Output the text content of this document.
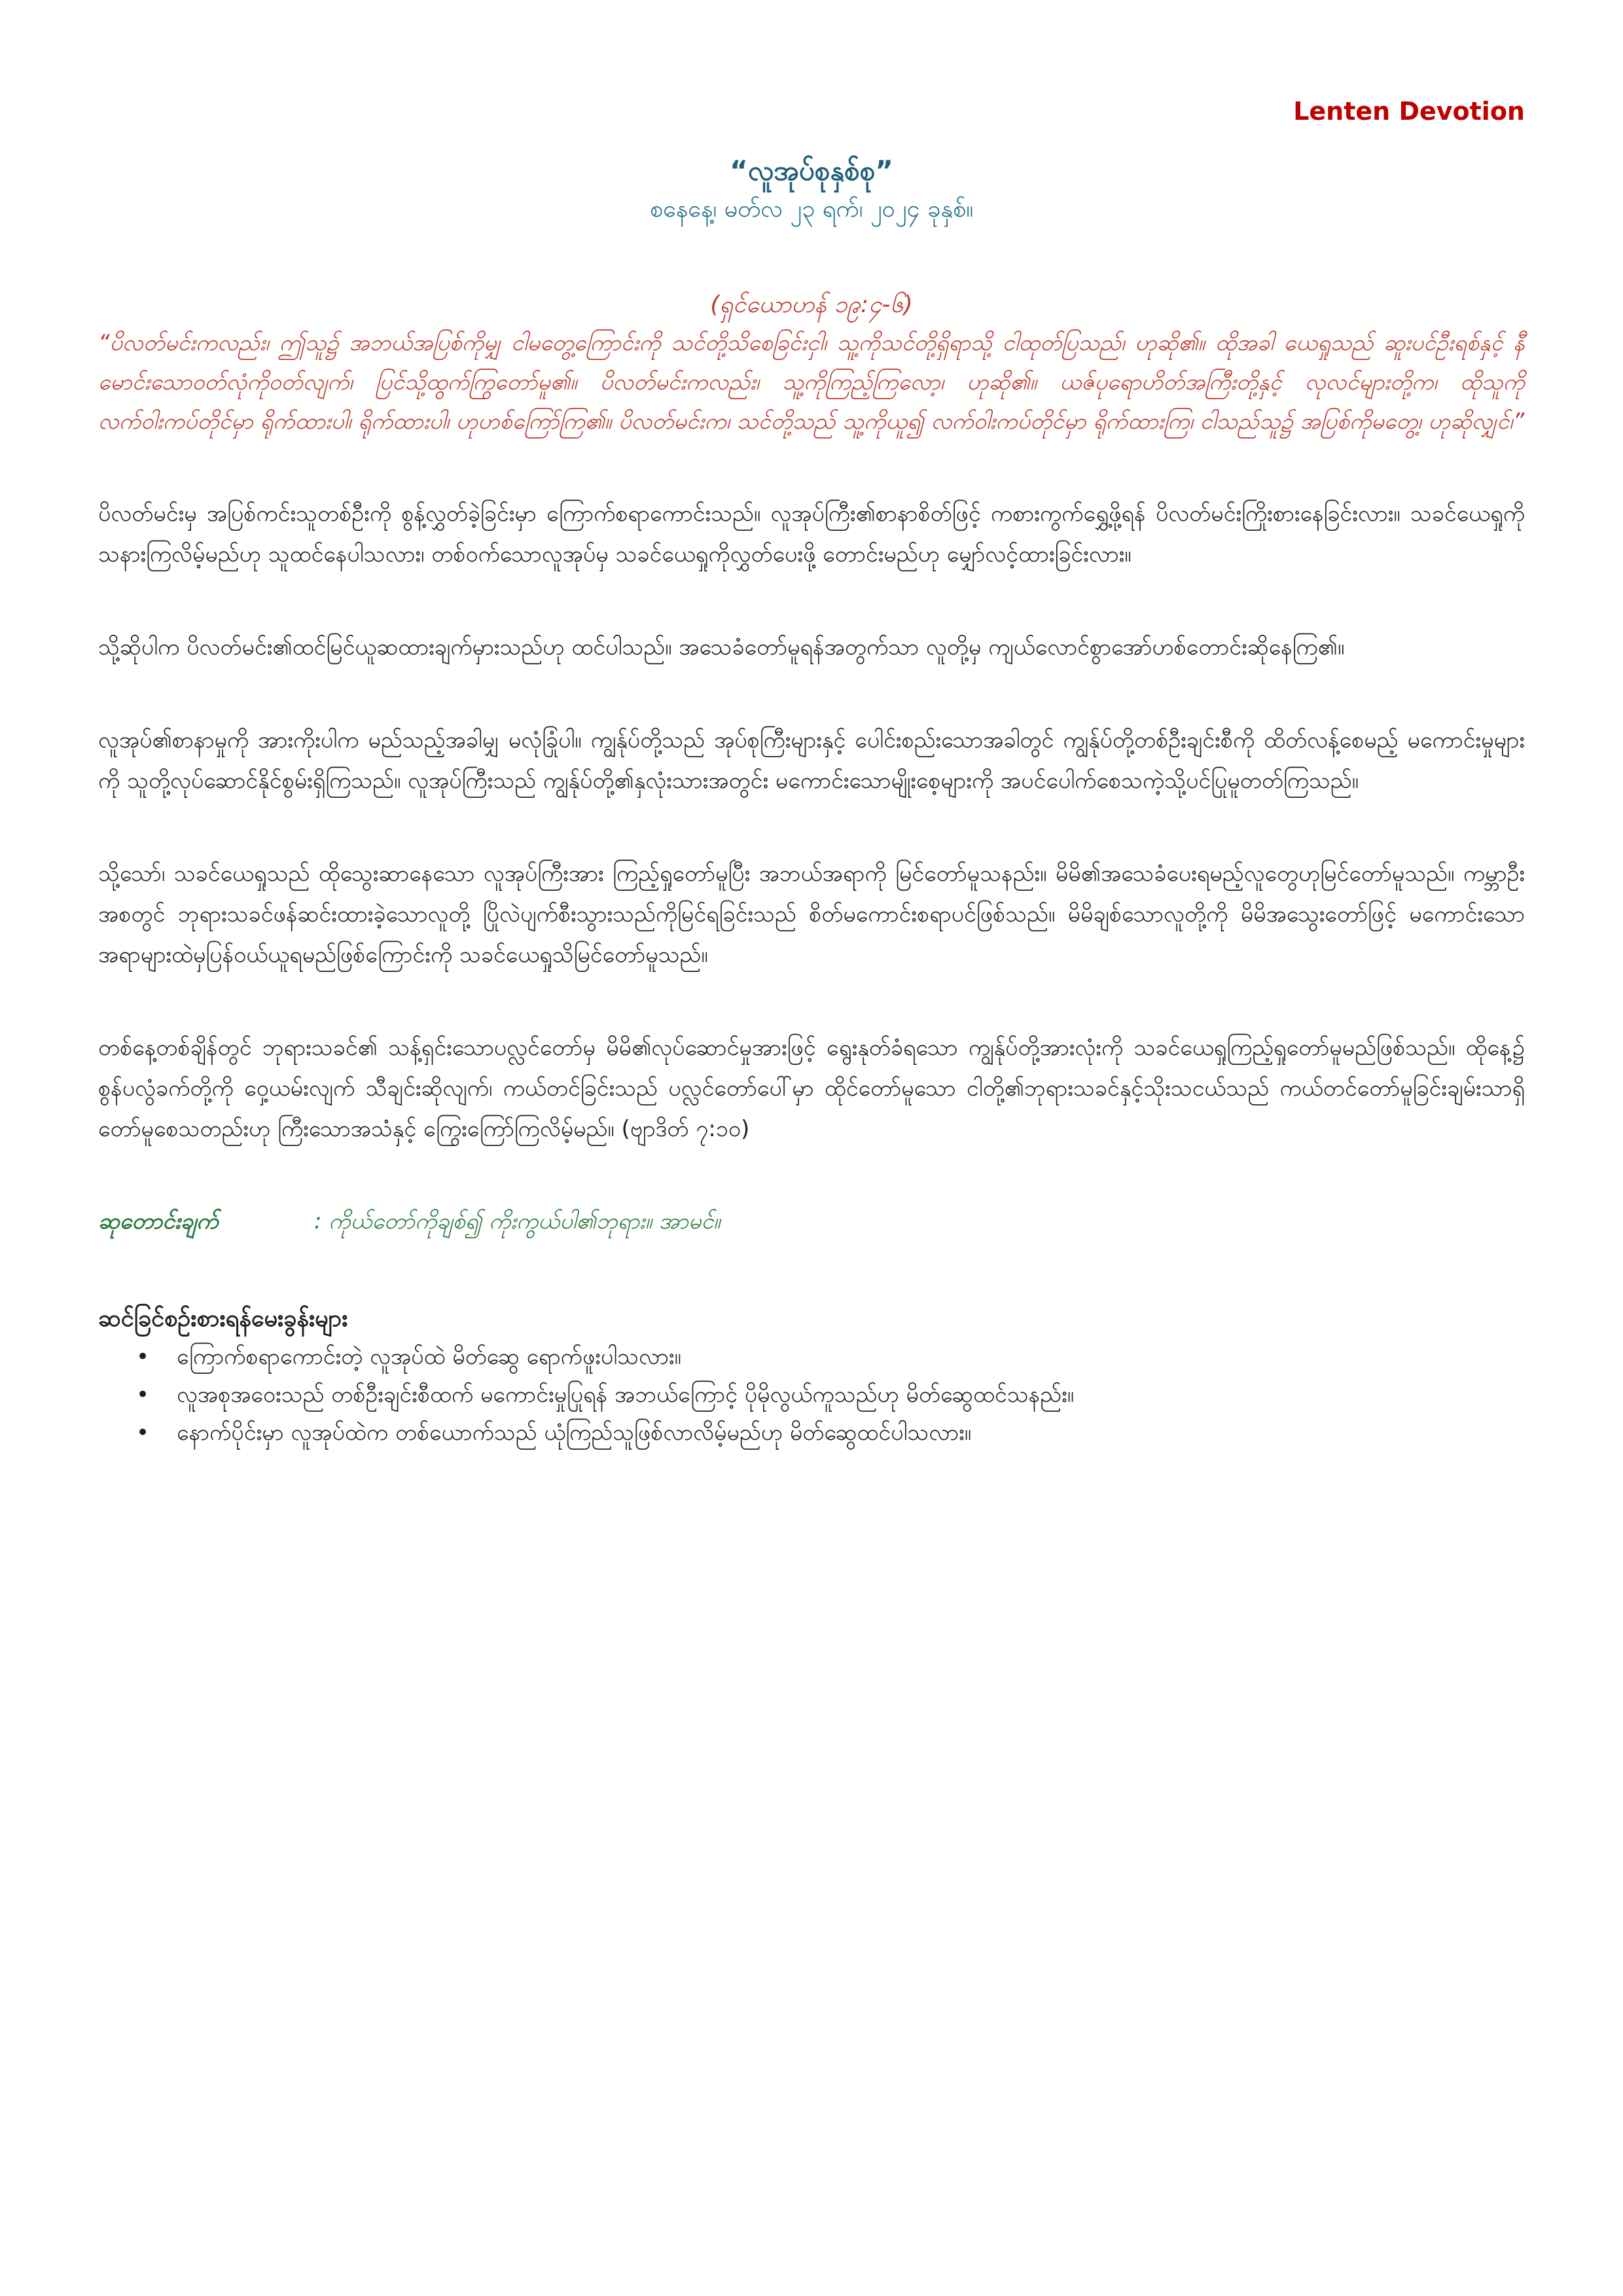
Lenten Devotion
“လူအုပ်စုနှစ်စု”
စနေနေ့၊ မတ်လ ၂၃ ရက်၊ ၂၀၂၄ ခုနှစ်။
(ရှင်ယောဟန် ၁၉:၄-၆)
“ပိလတ်မင်းကလည်း၊ ဤသူ၌ အဘယ်အပြစ်ကိုမျှ ငါမတွေ့ကြောင်းကို သင်တို့သိစေခြင်းငှါ၊ သူ့ကိုသင်တို့ရှိရာသို့ ငါထုတ်ပြသည်၊ ဟုဆို၏။ ထိုအခါ ယေရှုသည် ဆူးပင်ဦးရစ်နှင့် နီမောင်းသောဝတ်လုံကိုဝတ်လျက်၊ ပြင်သို့ထွက်ကြွတော်မူ၏။ ပိလတ်မင်းကလည်း၊ သူ့ကိုကြည့်ကြလော့၊ ဟုဆို၏။ ယဇ်ပုရောဟိတ်အကြီးတို့နှင့် လုလင်များတို့က၊ ထိုသူကို လက်ဝါးကပ်တိုင်မှာ ရိုက်ထားပါ၊ ရိုက်ထားပါ၊ ဟုဟစ်ကြော်ကြ၏။ ပိလတ်မင်းက၊ သင်တို့သည် သူ့ကိုယူ၍ လက်ဝါးကပ်တိုင်မှာ ရိုက်ထားကြ၊ ငါသည်သူ၌ အပြစ်ကိုမတွေ့၊ ဟုဆိုလျှင်၊”

ပိလတ်မင်းမှ အပြစ်ကင်းသူတစ်ဦးကို စွန့်လွှတ်ခဲ့ခြင်းမှာ ကြောက်စရာကောင်းသည်။ လူအုပ်ကြီး၏စာနာစိတ်ဖြင့် ကစားကွက်ရွှေ့ဖို့ရန် ပိလတ်မင်းကြိုးစားနေခြင်းလား။ သခင်ယေရှုကို သနားကြလိမ့်မည်ဟု သူထင်နေပါသလား၊ တစ်ဝက်သောလူအုပ်မှ သခင်ယေရှုကိုလွှတ်ပေးဖို့ တောင်းမည်ဟု မျှော်လင့်ထားခြင်းလား။

သို့ဆိုပါက ပိလတ်မင်း၏ထင်မြင်ယူဆထားချက်မှားသည်ဟု ထင်ပါသည်။ အသေခံတော်မူရန်အတွက်သာ လူတို့မှ ကျယ်လောင်စွာအော်ဟစ်တောင်းဆိုနေကြ၏။

လူအုပ်၏စာနာမှုကို အားကိုးပါက မည်သည့်အခါမျှ မလုံခြုံပါ။ ကျွန်ုပ်တို့သည် အုပ်စုကြီးများနှင့် ပေါင်းစည်းသောအခါတွင် ကျွန်ုပ်တို့တစ်ဦးချင်းစီကို ထိတ်လန့်စေမည့် မကောင်းမှုများကို သူတို့လုပ်ဆောင်နိုင်စွမ်းရှိကြသည်။ လူအုပ်ကြီးသည် ကျွန်ုပ်တို့၏နှလုံးသားအတွင်း မကောင်းသောမျိုးစေ့များကို အပင်ပေါက်စေသကဲ့သို့ပင်ပြုမူတတ်ကြသည်။

သို့သော်၊ သခင်ယေရှုသည် ထိုသွေးဆာနေသော လူအုပ်ကြီးအား ကြည့်ရှုတော်မူပြီး အဘယ်အရာကို မြင်တော်မူသနည်း။ မိမိ၏အသေခံပေးရမည့်လူတွေဟုမြင်တော်မူသည်။ ကမ္ဘာဦးအစတွင် ဘုရားသခင်ဖန်ဆင်းထားခဲ့သောလူတို့ ပြိုလဲပျက်စီးသွားသည်ကိုမြင်ရခြင်းသည် စိတ်မကောင်းစရာပင်ဖြစ်သည်။ မိမိချစ်သောလူတို့ကို မိမိအသွေးတော်ဖြင့် မကောင်းသောအရာများထဲမှပြန်ဝယ်ယူရမည်ဖြစ်ကြောင်းကို သခင်ယေရှုသိမြင်တော်မူသည်။

တစ်နေ့တစ်ချိန်တွင် ဘုရားသခင်၏ သန့်ရှင်းသောပလ္လင်တော်မှ မိမိ၏လုပ်ဆောင်မှုအားဖြင့် ရွေးနုတ်ခံရသော ကျွန်ုပ်တို့အားလုံးကို သခင်ယေရှုကြည့်ရှုတော်မူမည်ဖြစ်သည်။ ထိုနေ့၌ စွန်ပလွံခက်တို့ကို ဝှေ့ယမ်းလျက် သီချင်းဆိုလျက်၊ ကယ်တင်ခြင်းသည် ပလ္လင်တော်ပေါ်မှာ ထိုင်တော်မူသော ငါတို့၏ဘုရားသခင်နှင့်သိုးသငယ်သည် ကယ်တင်တော်မူခြင်းချမ်းသာရှိတော်မူစေသတည်းဟု ကြီးသောအသံနှင့် ကြွေးကြော်ကြလိမ့်မည်။ (ဗျာဒိတ် ၇:၁၀)

ဆုတောင်းချက်	: ကိုယ်တော်ကိုချစ်၍ ကိုးကွယ်ပါ၏ဘုရား။ အာမင်။
ဆင်ခြင်စဉ်းစားရန်မေးခွန်းများ
• ကြောက်စရာကောင်းတဲ့ လူအုပ်ထဲ မိတ်ဆွေ ရောက်ဖူးပါသလား။
• လူအစုအဝေးသည် တစ်ဦးချင်းစီထက် မကောင်းမှုပြုရန် အဘယ်ကြောင့် ပိုမိုလွယ်ကူသည်ဟု မိတ်ဆွေထင်သနည်း။
• နောက်ပိုင်းမှာ လူအုပ်ထဲက တစ်ယောက်သည် ယုံကြည်သူဖြစ်လာလိမ့်မည်ဟု မိတ်ဆွေထင်ပါသလား။
